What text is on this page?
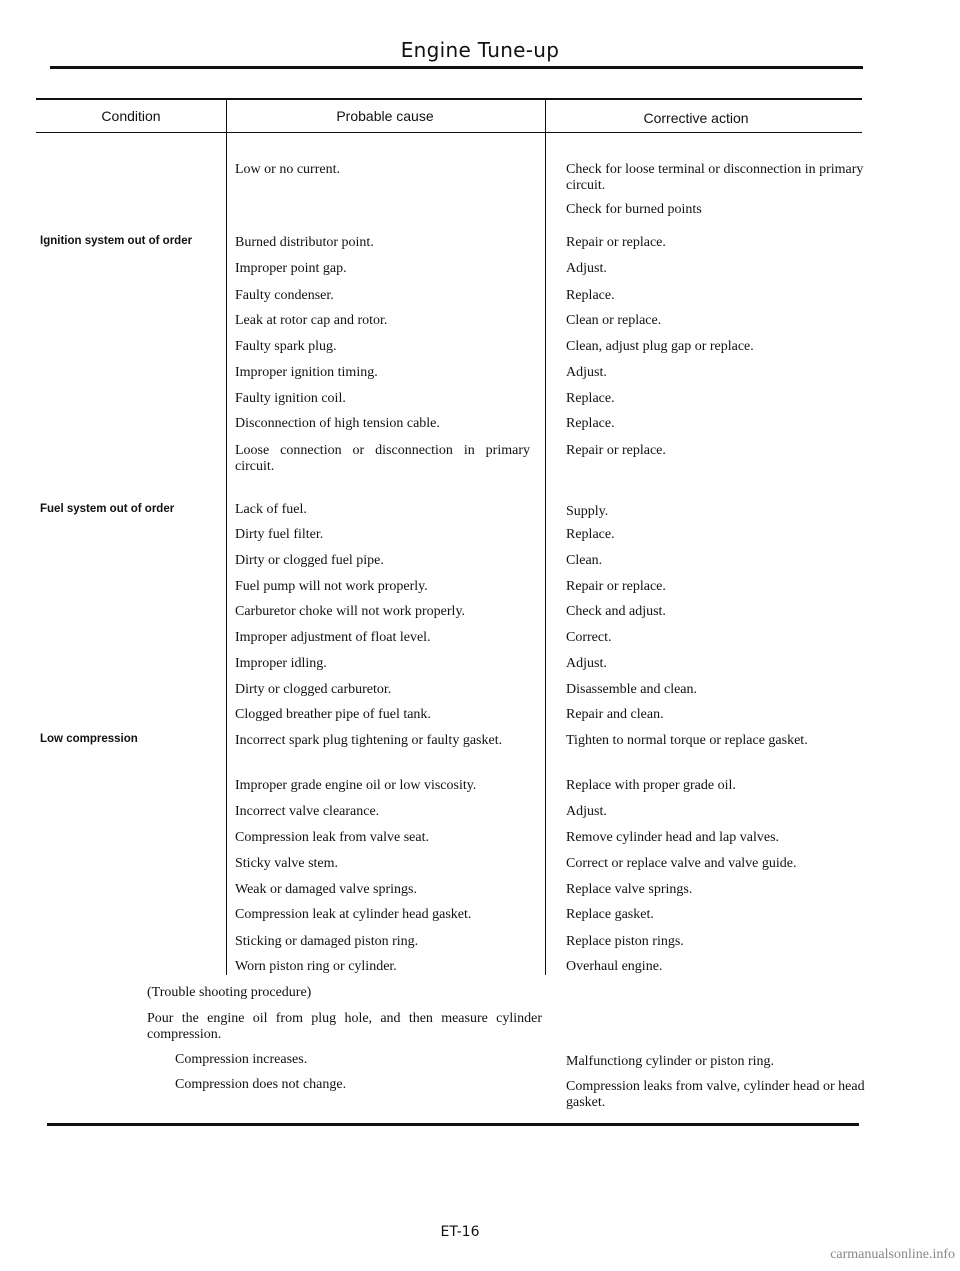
Engine Tune-up
Condition	Probable cause	Corrective action
Ignition system out of order
Fuel system out of order
Low compression
Low or no current.
Burned distributor point.
Improper point gap.
Faulty condenser.
Leak at rotor cap and rotor.
Faulty spark plug.
Improper ignition timing.
Faulty ignition coil.
Disconnection of high tension cable.
Loose connection or disconnection in primary circuit.
Lack of fuel.
Dirty fuel filter.
Dirty or clogged fuel pipe.
Fuel pump will not work properly.
Carburetor choke will not work properly.
Improper adjustment of float level.
Improper idling.
Dirty or clogged carburetor.
Clogged breather pipe of fuel tank.
Incorrect spark plug tightening or faulty gasket.
Improper grade engine oil or low viscosity.
Incorrect valve clearance.
Compression leak from valve seat.
Sticky valve stem.
Weak or damaged valve springs.
Compression leak at cylinder head gasket.
Sticking or damaged piston ring.
Worn piston ring or cylinder.
Check for loose terminal or disconnection in primary circuit.
Check for burned points
Repair or replace.
Adjust.
Replace.
Clean or replace.
Clean, adjust plug gap or replace.
Adjust.
Replace.
Replace.
Repair or replace.
Supply.
Replace.
Clean.
Repair or replace.
Check and adjust.
Correct.
Adjust.
Disassemble and clean.
Repair and clean.
Tighten to normal torque or replace gasket.
Replace with proper grade oil.
Adjust.
Remove cylinder head and lap valves.
Correct or replace valve and valve guide.
Replace valve springs.
Replace gasket.
Replace piston rings.
Overhaul engine.
(Trouble shooting procedure)
Pour the engine oil from plug hole, and then measure cylinder compression.
Compression increases.
Compression does not change.
Malfunctiong cylinder or piston ring.
Compression leaks from valve, cylinder head or head gasket.
ET-16
carmanualsonline.info
